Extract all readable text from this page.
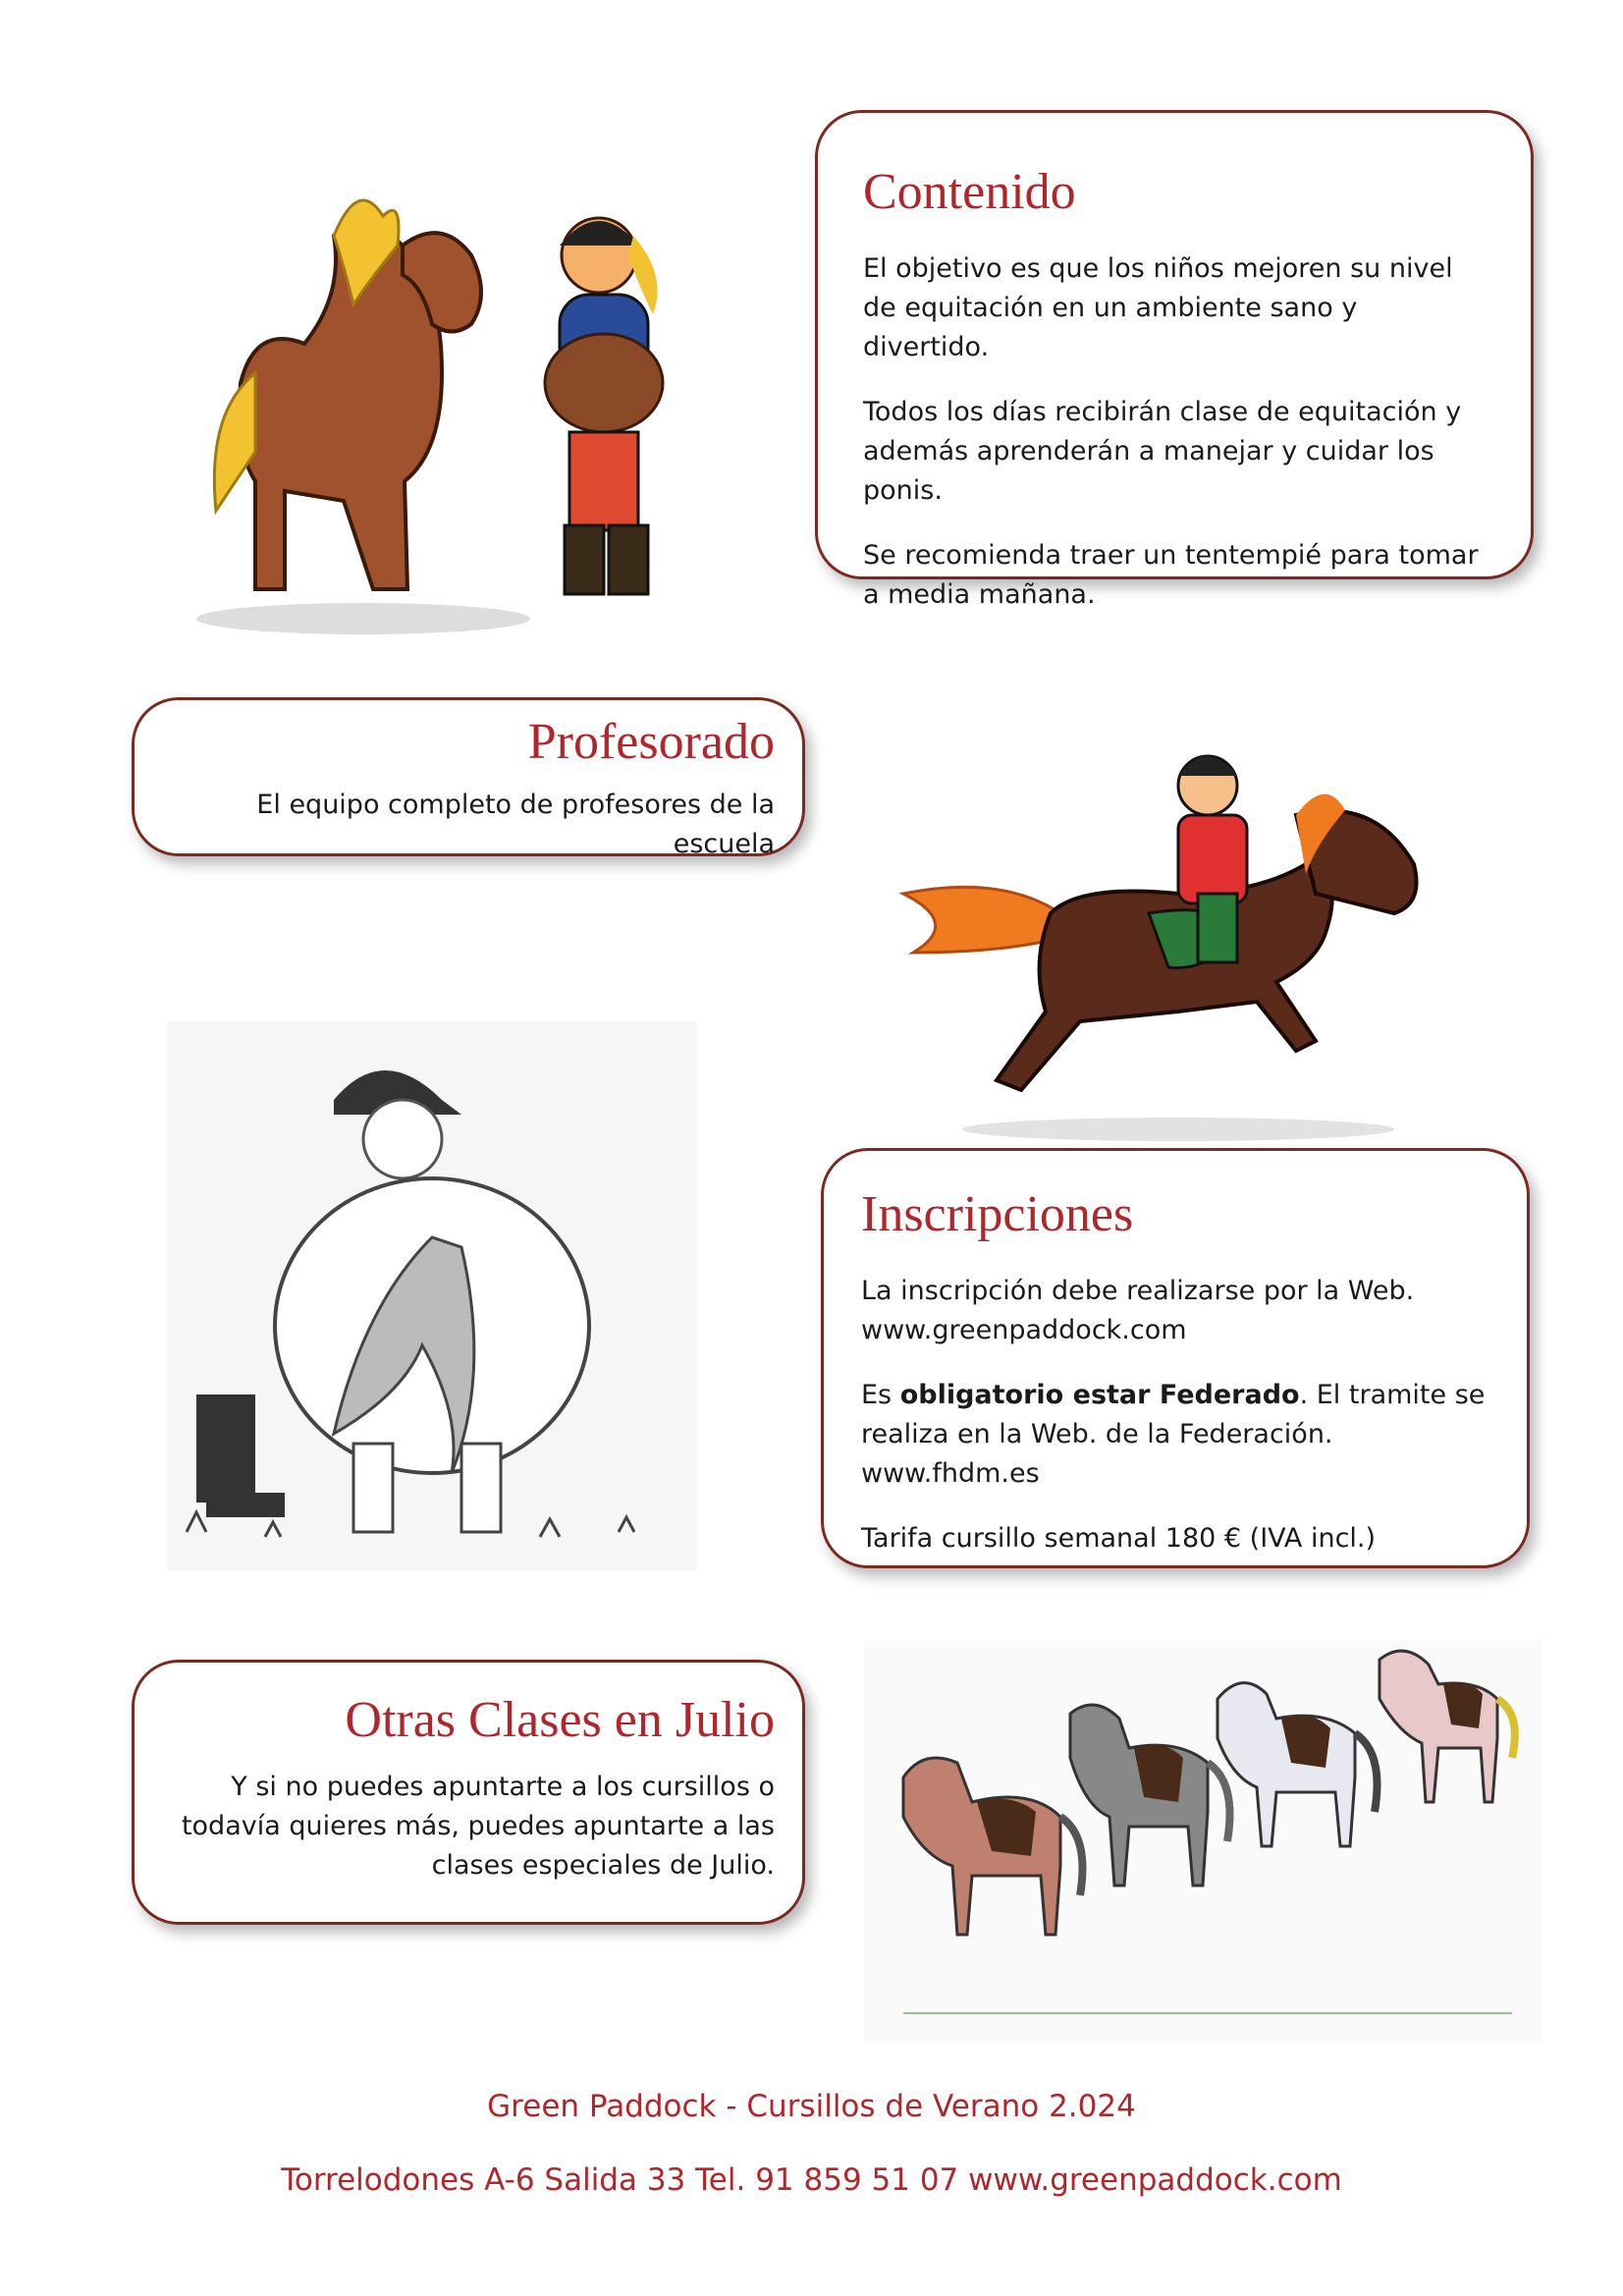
Contenido

El objetivo es que los niños mejoren su nivel de equitación en un ambiente sano y divertido.

Todos los días recibirán clase de equitación y además aprenderán a manejar y cuidar los ponis.

Se recomienda traer un tentempié para tomar a media mañana.

Profesorado

El equipo completo de profesores de la escuela

Inscripciones

La inscripción debe realizarse por la Web.
www.greenpaddock.com

Es obligatorio estar Federado. El tramite se realiza en la Web. de la Federación. www.fhdm.es

Tarifa cursillo semanal 180 € (IVA incl.)

Otras Clases en Julio

Y si no puedes apuntarte a los cursillos o todavía quieres más, puedes apuntarte a las clases especiales de Julio.

Green Paddock - Cursillos de Verano 2.024
Torrelodones A-6 Salida 33 Tel. 91 859 51 07 www.greenpaddock.com
